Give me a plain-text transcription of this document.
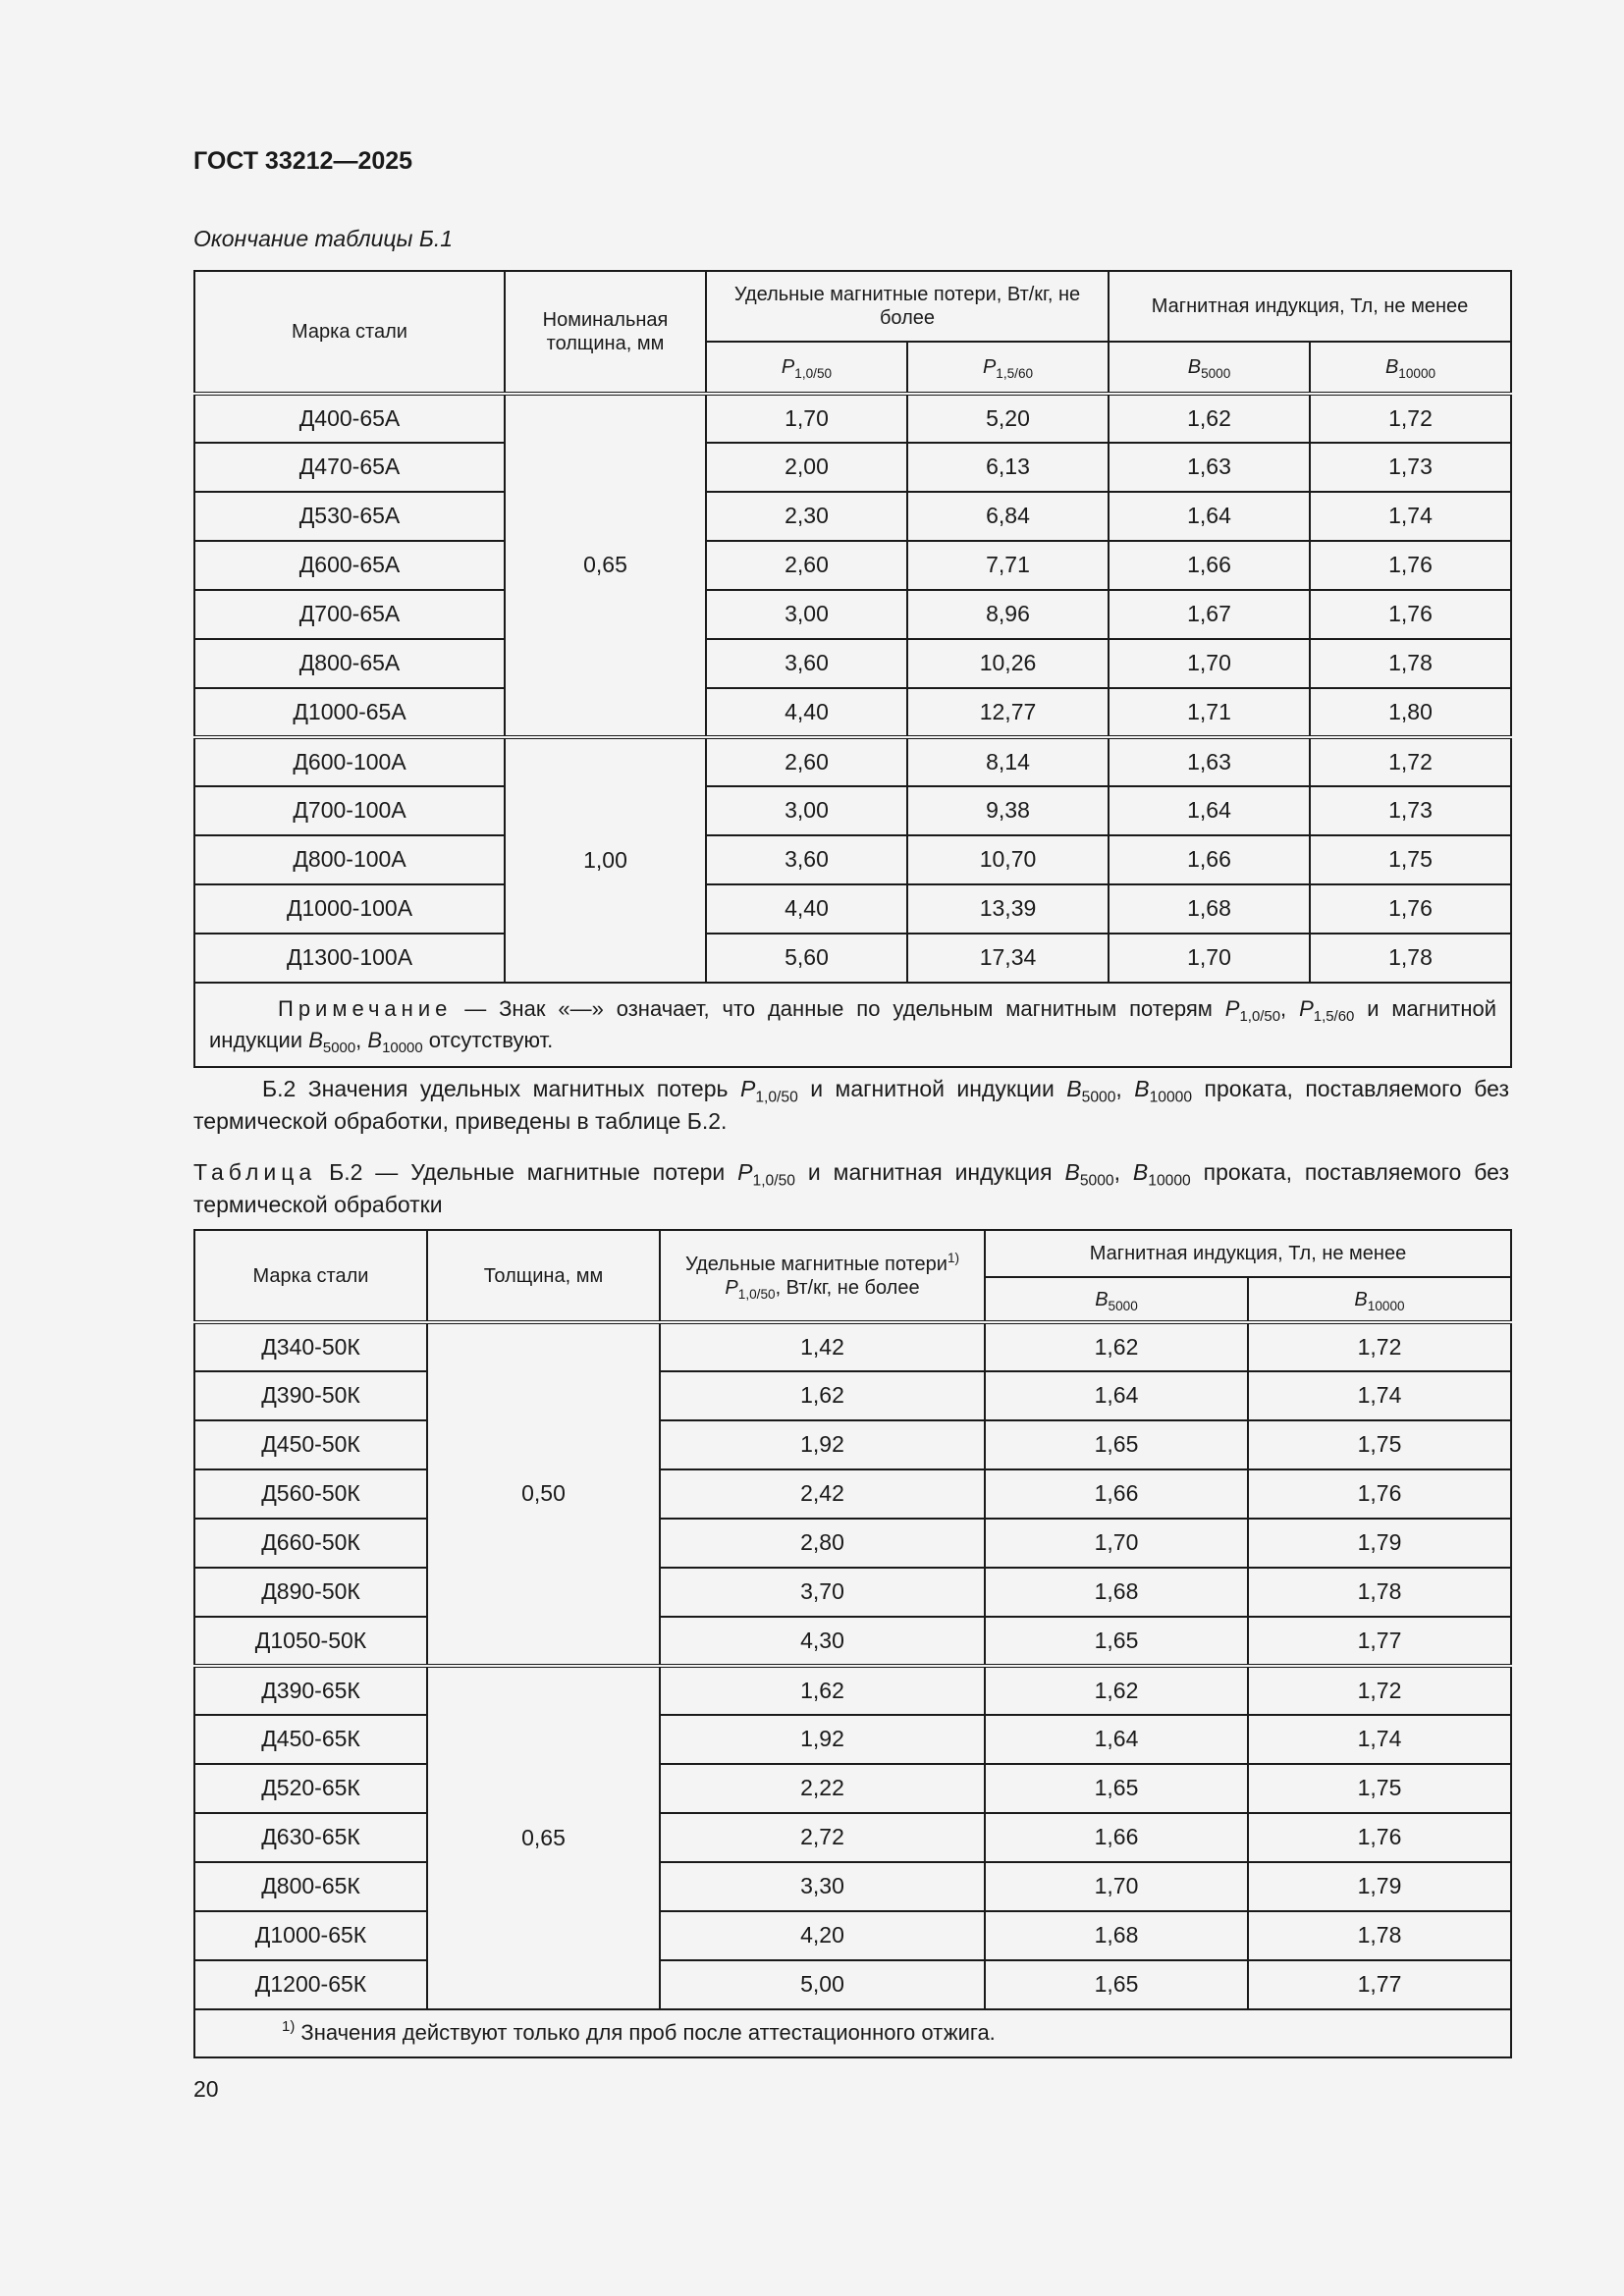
ГОСТ 33212—2025
Окончание таблицы Б.1
Марка стали	Номинальная толщина, мм	Удельные магнитные потери, Вт/кг, не более		Магнитная индукция, Тл, не менее	
		$P_{1,0/50}$	$P_{1,5/60}$	$B_{5000}$	$B_{10000}$
Д400-65А	0,65	1,70	5,20	1,62	1,72
Д470-65А		2,00	6,13	1,63	1,73
Д530-65А		2,30	6,84	1,64	1,74
Д600-65А		2,60	7,71	1,66	1,76
Д700-65А		3,00	8,96	1,67	1,76
Д800-65А		3,60	10,26	1,70	1,78
Д1000-65А		4,40	12,77	1,71	1,80
Д600-100А	1,00	2,60	8,14	1,63	1,72
Д700-100А		3,00	9,38	1,64	1,73
Д800-100А		3,60	10,70	1,66	1,75
Д1000-100А		4,40	13,39	1,68	1,76
Д1300-100А		5,60	17,34	1,70	1,78
Примечание — Знак «—» означает, что данные по удельным магнитным потерям $P_{1,0/50}$, $P_{1,5/60}$ и магнитной индукции $B_{5000}$, $B_{10000}$ отсутствуют.					
Б.2 Значения удельных магнитных потерь $P_{1,0/50}$ и магнитной индукции $B_{5000}$, $B_{10000}$ проката, поставляемого без термической обработки, приведены в таблице Б.2.
Таблица Б.2 — Удельные магнитные потери $P_{1,0/50}$ и магнитная индукция $B_{5000}$, $B_{10000}$ проката, поставляемого без термической обработки
Марка стали	Толщина, мм	Удельные магнитные потери$^{1)}$
$P_{1,0/50}$, Вт/кг, не более	Магнитная индукция, Тл, не менее	
			$B_{5000}$	$B_{10000}$
Д340-50К	0,50	1,42	1,62	1,72
Д390-50К		1,62	1,64	1,74
Д450-50К		1,92	1,65	1,75
Д560-50К		2,42	1,66	1,76
Д660-50К		2,80	1,70	1,79
Д890-50К		3,70	1,68	1,78
Д1050-50К		4,30	1,65	1,77
Д390-65К	0,65	1,62	1,62	1,72
Д450-65К		1,92	1,64	1,74
Д520-65К		2,22	1,65	1,75
Д630-65К		2,72	1,66	1,76
Д800-65К		3,30	1,70	1,79
Д1000-65К		4,20	1,68	1,78
Д1200-65К		5,00	1,65	1,77
$^{1)}$ Значения действуют только для проб после аттестационного отжига.				
20
